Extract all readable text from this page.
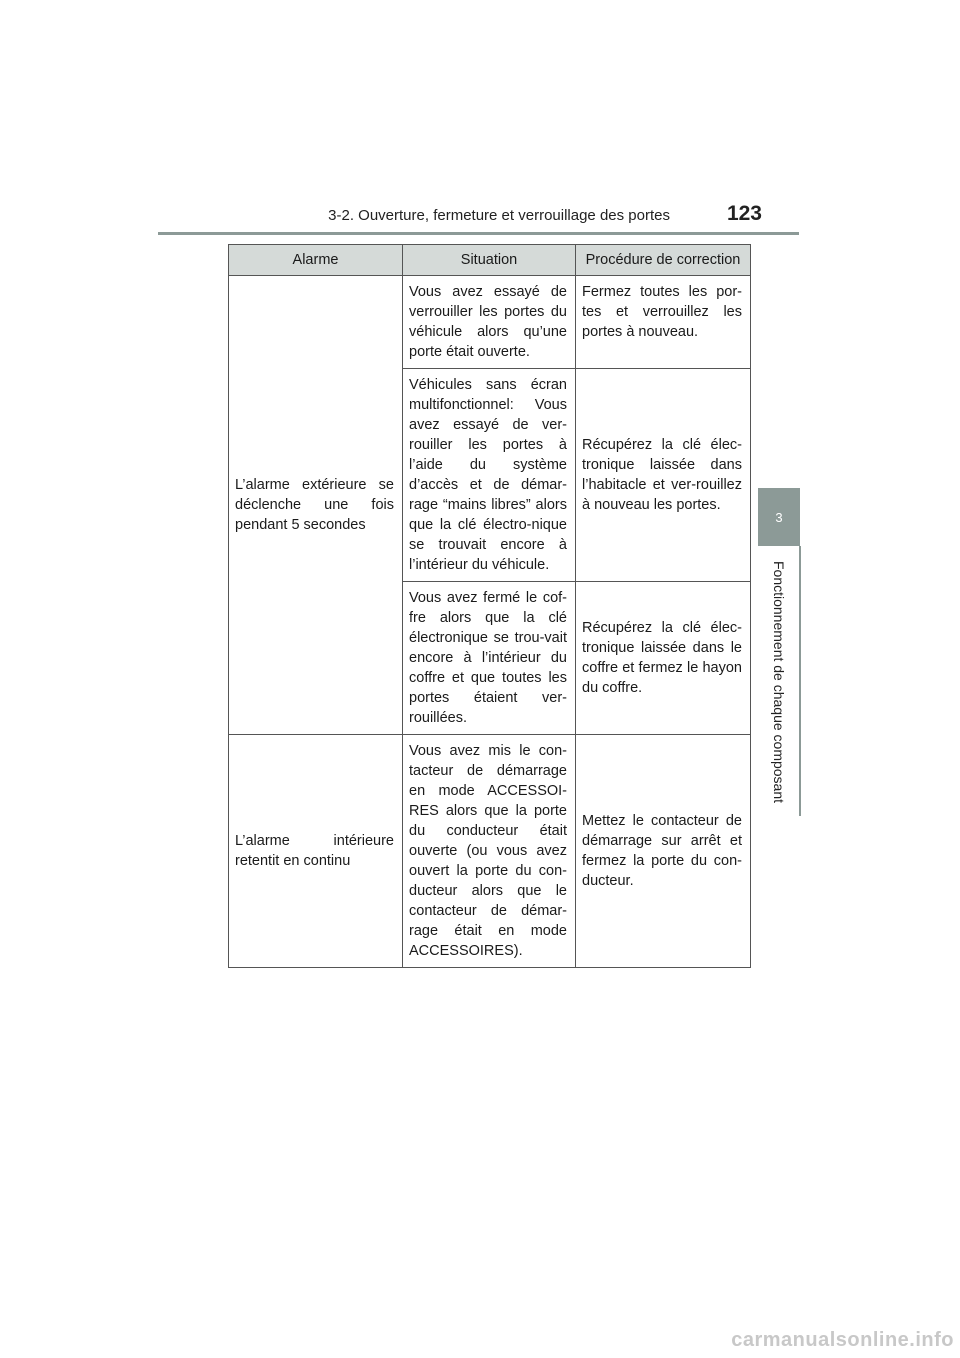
3-2. Ouverture, fermeture et verrouillage des portes	123
3
Fonctionnement de chaque composant
Alarme	Situation	Procédure de correction
L’alarme extérieure se déclenche une fois pendant 5 secondes	Vous avez essayé de verrouiller les portes du véhicule alors qu’une porte était ouverte.	Fermez toutes les por-tes et verrouillez les portes à nouveau.
	Véhicules sans écran multifonctionnel: Vous avez essayé de ver-rouiller les portes à l’aide du système d’accès et de démar-rage “mains libres” alors que la clé électro-nique se trouvait encore à l’intérieur du véhicule.	Récupérez la clé élec-tronique laissée dans l’habitacle et ver-rouillez à nouveau les portes.
	Vous avez fermé le cof-fre alors que la clé électronique se trou-vait encore à l’intérieur du coffre et que toutes les portes étaient ver-rouillées.	Récupérez la clé élec-tronique laissée dans le coffre et fermez le hayon du coffre.
L’alarme intérieure retentit en continu	Vous avez mis le con-tacteur de démarrage en mode ACCESSOI-RES alors que la porte du conducteur était ouverte (ou vous avez ouvert la porte du con-ducteur alors que le contacteur de démar-rage était en mode ACCESSOIRES).	Mettez le contacteur de démarrage sur arrêt et fermez la porte du con-ducteur.
carmanualsonline.info
